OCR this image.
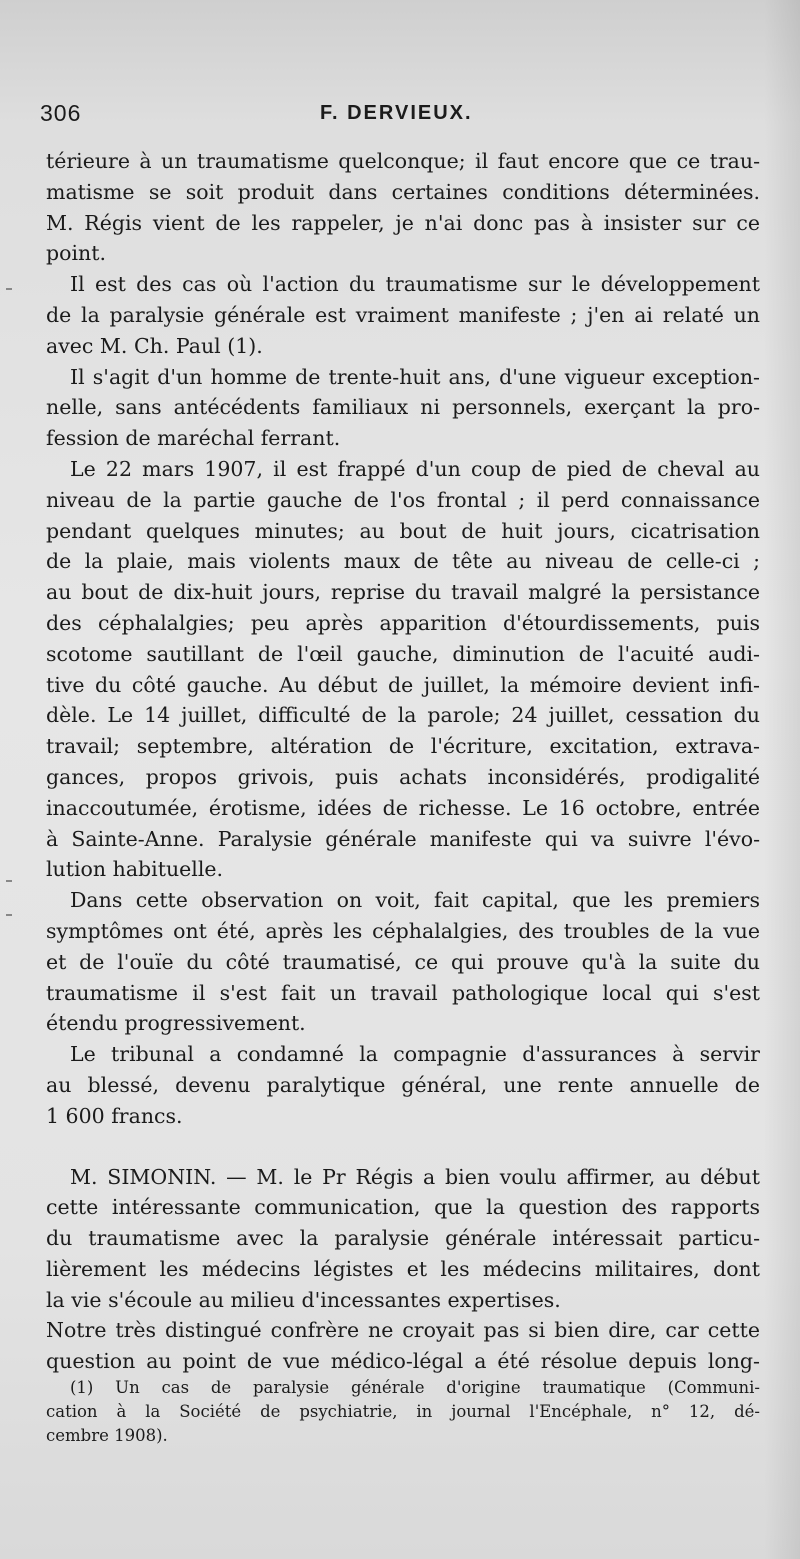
306	F. DERVIEUX.
térieure à un traumatisme quelconque; il faut encore que ce trau-
matisme se soit produit dans certaines conditions déterminées.
M. Régis vient de les rappeler, je n'ai donc pas à insister sur ce
point.
Il est des cas où l'action du traumatisme sur le développement
de la paralysie générale est vraiment manifeste ; j'en ai relaté un
avec M. Ch. Paul (1).
Il s'agit d'un homme de trente-huit ans, d'une vigueur exception-
nelle, sans antécédents familiaux ni personnels, exerçant la pro-
fession de maréchal ferrant.
Le 22 mars 1907, il est frappé d'un coup de pied de cheval au
niveau de la partie gauche de l'os frontal ; il perd connaissance
pendant quelques minutes; au bout de huit jours, cicatrisation
de la plaie, mais violents maux de tête au niveau de celle-ci ;
au bout de dix-huit jours, reprise du travail malgré la persistance
des céphalalgies; peu après apparition d'étourdissements, puis
scotome sautillant de l'œil gauche, diminution de l'acuité audi-
tive du côté gauche. Au début de juillet, la mémoire devient infi-
dèle. Le 14 juillet, difficulté de la parole; 24 juillet, cessation du
travail; septembre, altération de l'écriture, excitation, extrava-
gances, propos grivois, puis achats inconsidérés, prodigalité
inaccoutumée, érotisme, idées de richesse. Le 16 octobre, entrée
à Sainte-Anne. Paralysie générale manifeste qui va suivre l'évo-
lution habituelle.
Dans cette observation on voit, fait capital, que les premiers
symptômes ont été, après les céphalalgies, des troubles de la vue
et de l'ouïe du côté traumatisé, ce qui prouve qu'à la suite du
traumatisme il s'est fait un travail pathologique local qui s'est
étendu progressivement.
Le tribunal a condamné la compagnie d'assurances à servir
au blessé, devenu paralytique général, une rente annuelle de
1 600 francs.
M. SIMONIN. — M. le Pr Régis a bien voulu affirmer, au début
cette intéressante communication, que la question des rapports
du traumatisme avec la paralysie générale intéressait particu-
lièrement les médecins légistes et les médecins militaires, dont
la vie s'écoule au milieu d'incessantes expertises.
Notre très distingué confrère ne croyait pas si bien dire, car cette
question au point de vue médico-légal a été résolue depuis long-
(1) Un cas de paralysie générale d'origine traumatique (Communi-
cation à la Société de psychiatrie, in journal l'Encéphale, n° 12, dé-
cembre 1908).
